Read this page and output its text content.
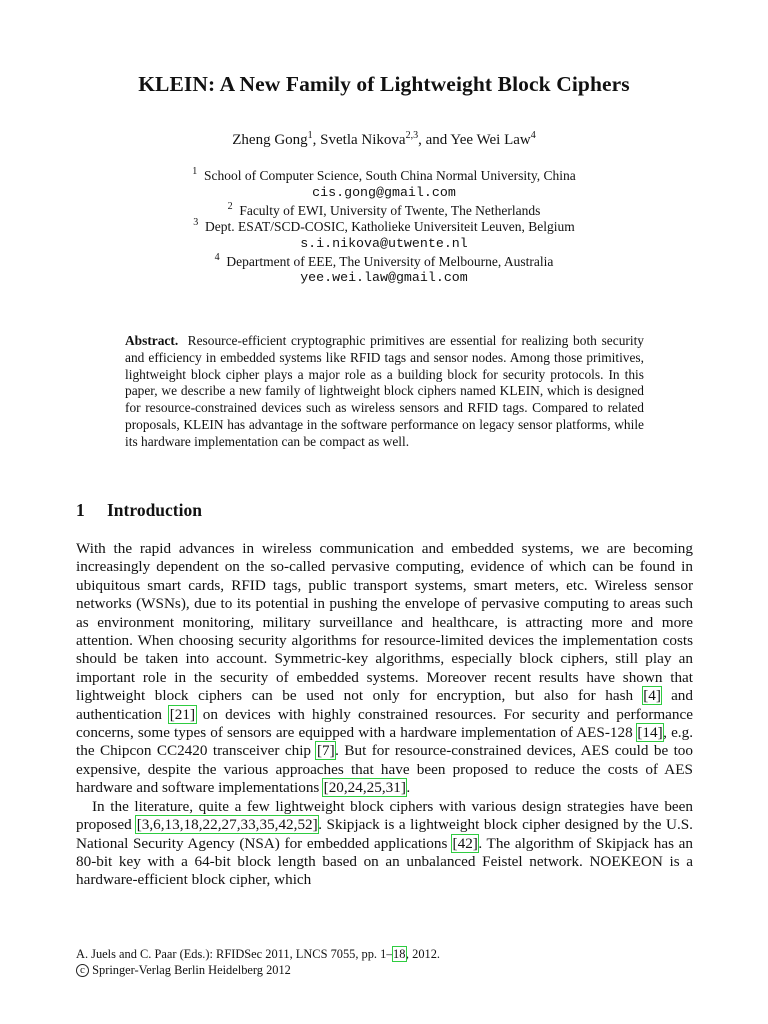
KLEIN: A New Family of Lightweight Block Ciphers
Zheng Gong$^1$, Svetla Nikova$^{2,3}$, and Yee Wei Law$^4$
$^1$ School of Computer Science, South China Normal University, China
cis.gong@gmail.com
$^2$ Faculty of EWI, University of Twente, The Netherlands
$^3$ Dept. ESAT/SCD-COSIC, Katholieke Universiteit Leuven, Belgium
s.i.nikova@utwente.nl
$^4$ Department of EEE, The University of Melbourne, Australia
yee.wei.law@gmail.com
Abstract. Resource-efficient cryptographic primitives are essential for realizing both security and efficiency in embedded systems like RFID tags and sensor nodes. Among those primitives, lightweight block cipher plays a major role as a building block for security protocols. In this paper, we describe a new family of lightweight block ciphers named KLEIN, which is designed for resource-constrained devices such as wireless sensors and RFID tags. Compared to related proposals, KLEIN has advantage in the software performance on legacy sensor platforms, while its hardware implementation can be compact as well.
1 Introduction

With the rapid advances in wireless communication and embedded systems, we are becoming increasingly dependent on the so-called pervasive computing, evidence of which can be found in ubiquitous smart cards, RFID tags, public transport systems, smart meters, etc. Wireless sensor networks (WSNs), due to its potential in pushing the envelope of pervasive computing to areas such as environment monitoring, military surveillance and healthcare, is attracting more and more attention. When choosing security algorithms for resource-limited devices the implementation costs should be taken into account. Symmetric-key algorithms, especially block ciphers, still play an important role in the security of embedded systems. Moreover recent results have shown that lightweight block ciphers can be used not only for encryption, but also for hash [4] and authentication [21] on devices with highly constrained resources. For security and performance concerns, some types of sensors are equipped with a hardware implementation of AES-128 [14], e.g. the Chipcon CC2420 transceiver chip [7]. But for resource-constrained devices, AES could be too expensive, despite the various approaches that have been proposed to reduce the costs of AES hardware and software implementations [20,24,25,31].

In the literature, quite a few lightweight block ciphers with various design strategies have been proposed [3,6,13,18,22,27,33,35,42,52]. Skipjack is a lightweight block cipher designed by the U.S. National Security Agency (NSA) for embedded applications [42]. The algorithm of Skipjack has an 80-bit key with a 64-bit block length based on an unbalanced Feistel network. NOEKEON is a hardware-efficient block cipher, which

A. Juels and C. Paar (Eds.): RFIDSec 2011, LNCS 7055, pp. 1–18, 2012.
c Springer-Verlag Berlin Heidelberg 2012
